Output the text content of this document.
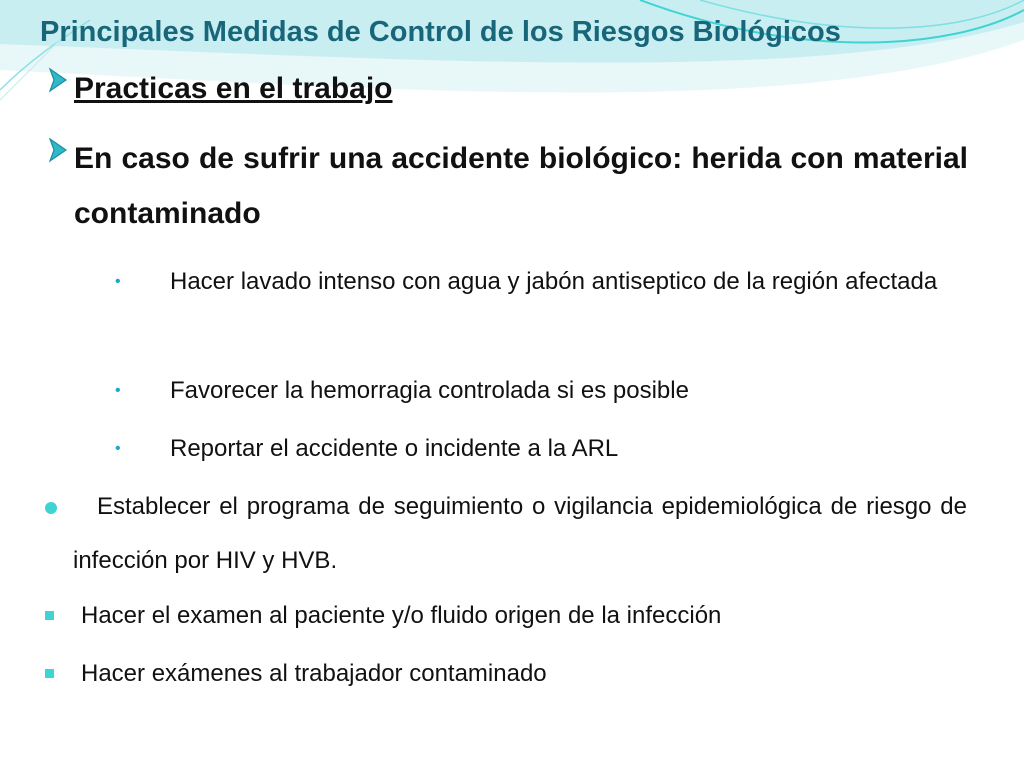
Principales Medidas de Control de los Riesgos Biológicos
Practicas en el trabajo
En caso de sufrir una accidente biológico: herida con material contaminado
•	Hacer lavado intenso con agua y jabón antiseptico de la región afectada
•	Favorecer la hemorragia controlada si es posible
•	Reportar el accidente o incidente a la ARL
Establecer el programa de seguimiento o vigilancia epidemiológica de riesgo de infección por HIV y HVB.
Hacer el examen al paciente y/o fluido origen de la infección
Hacer exámenes al trabajador contaminado
